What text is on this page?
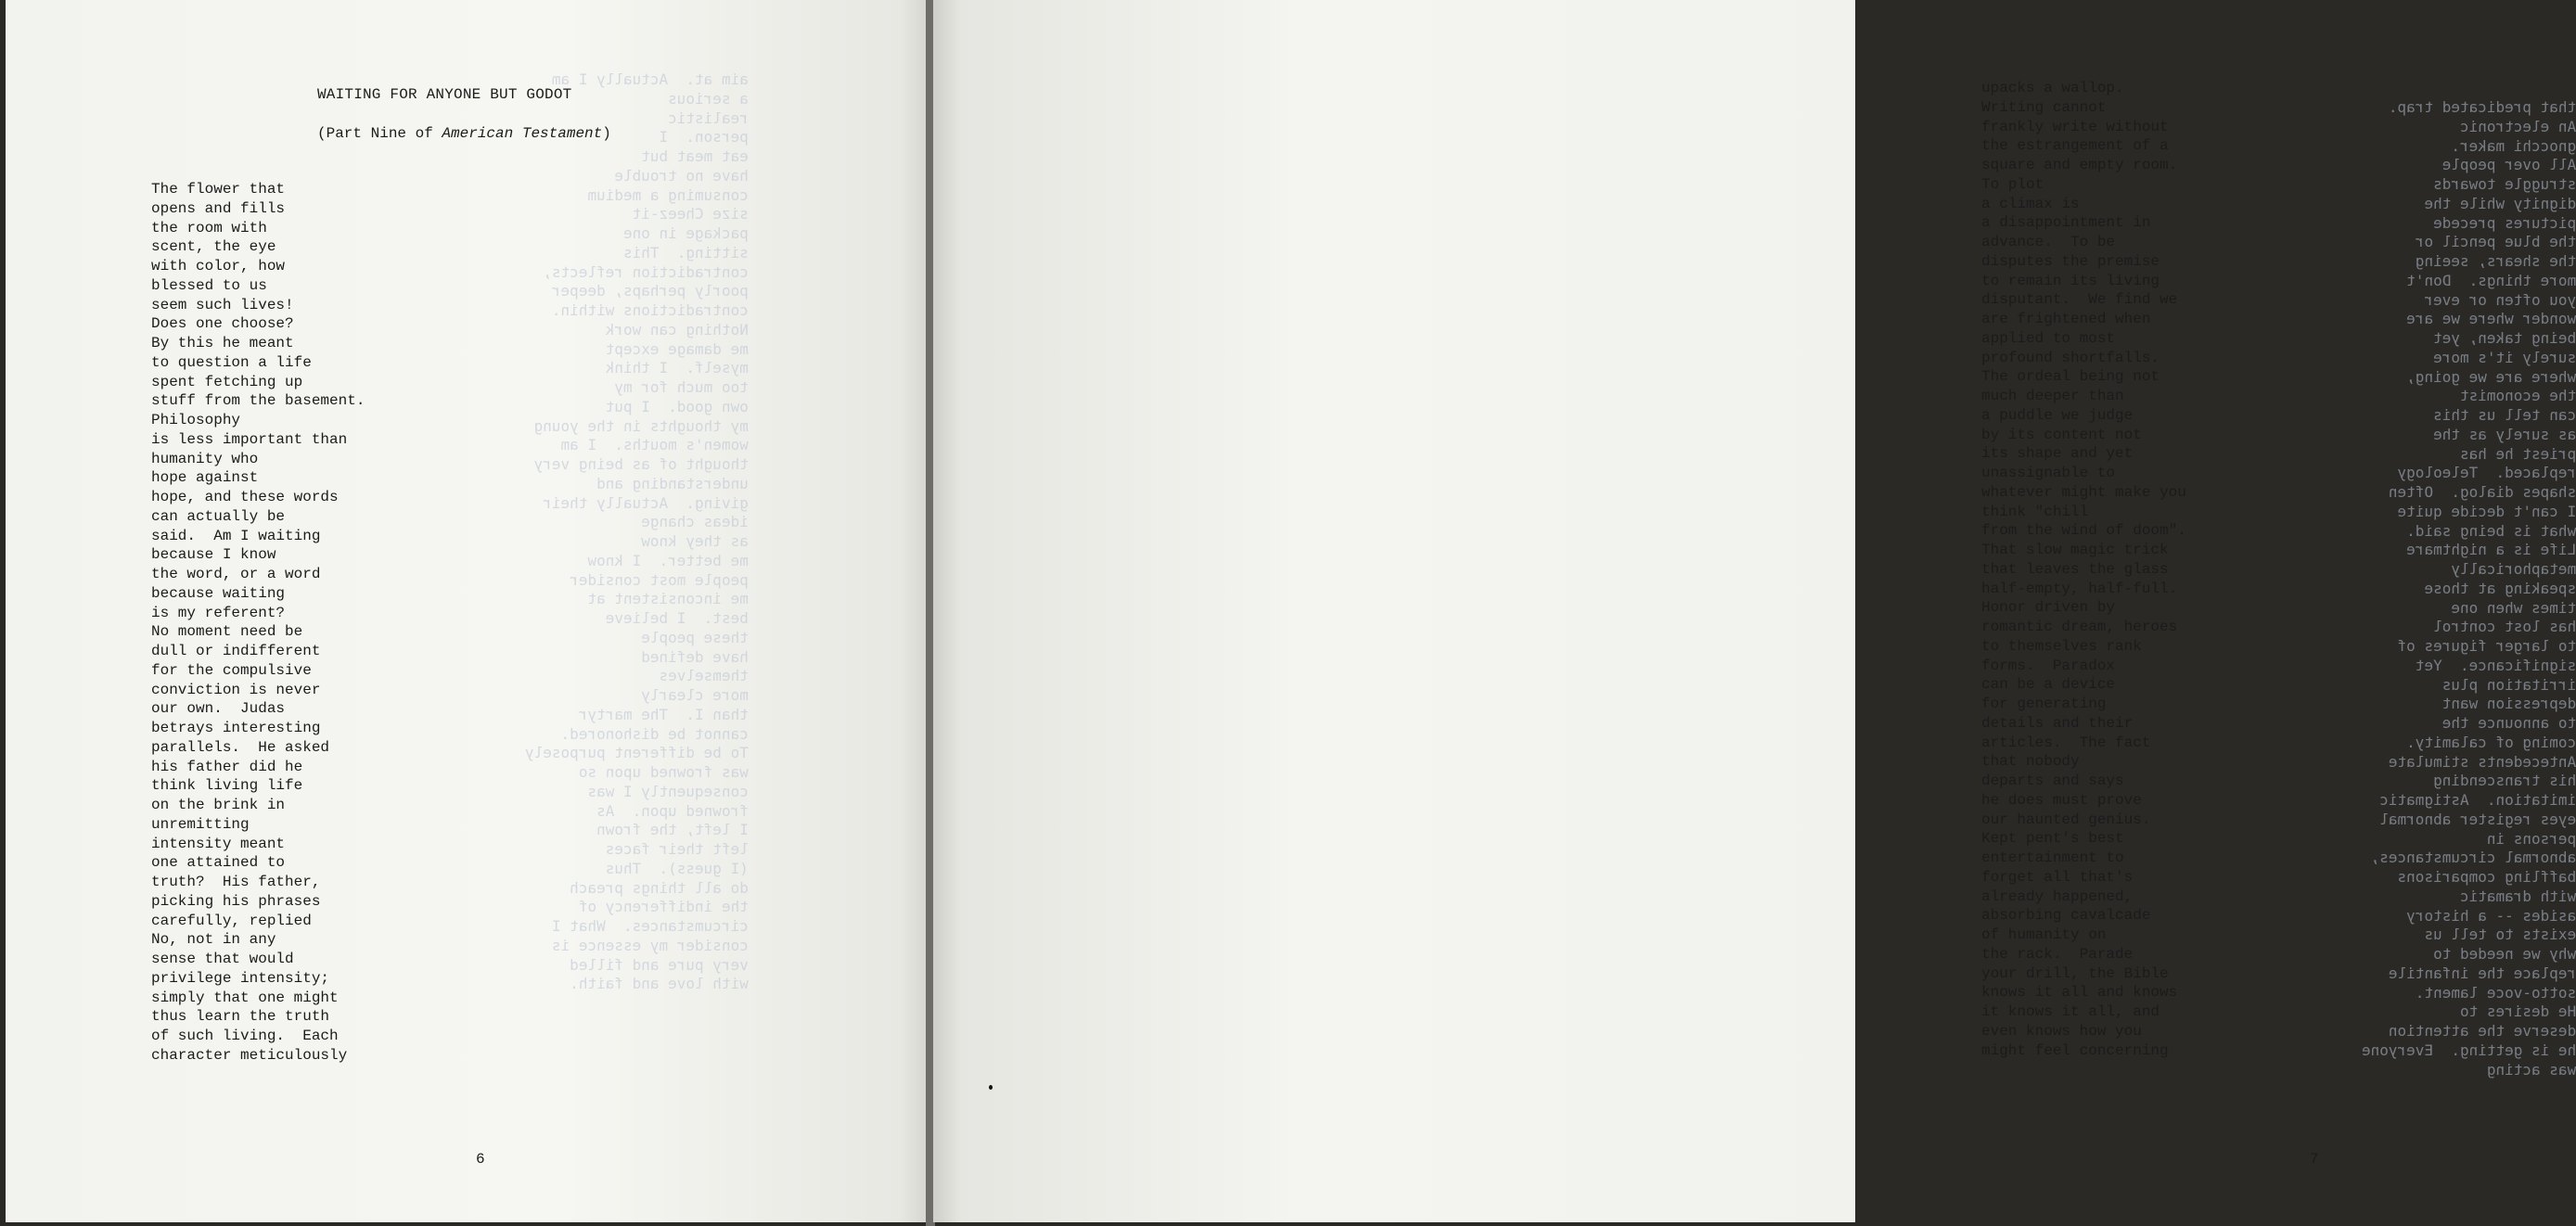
aim at.  Actually I am
a serious
realistic
person.  I
eat meat but
have no trouble
consuming a medium
size Cheez-it
package in one
sitting.  This
contradiction reflects,
poorly perhaps, deeper
contradictions within.
Nothing can work
me damage except
myself.  I think
too much for my
own good.  I put
my thoughts in the young
women's mouths.  I am
thought of as being very
understanding and
giving.  Actually their
ideas change
as they know
me better.  I know
people most consider
me inconsistent at
best.  I believe
these people
have defined
themselves
more clearly
than I.  The martyr
cannot be dishonored.
To be different purposely
was frowned upon so
consequently I was
frowned upon.  As
I left, the frown
left their faces
(I guess).  Thus
do all things preach
the indifferency of
circumstances.  What I
consider my essence is
very pure and filled
with love and faith.
WAITING FOR ANYONE BUT GODOT
(Part Nine of American Testament)
The flower that
opens and fills
the room with
scent, the eye
with color, how
blessed to us
seem such lives!
Does one choose?
By this he meant
to question a life
spent fetching up
stuff from the basement.
Philosophy
is less important than
humanity who
hope against
hope, and these words
can actually be
said.  Am I waiting
because I know
the word, or a word
because waiting
is my referent?
No moment need be
dull or indifferent
for the compulsive
conviction is never
our own.  Judas
betrays interesting
parallels.  He asked
his father did he
think living life
on the brink in
unremitting
intensity meant
one attained to
truth?  His father,
picking his phrases
carefully, replied
No, not in any
sense that would
privilege intensity;
simply that one might
thus learn the truth
of such living.  Each
character meticulously
6
that predicated trap.
An electronic
gnocchi maker.
All over people
struggle towards
dignity while the
pictures precede
the blue pencil or
the shears, seeing
more things.  Don't
you often or ever
wonder where we are
being taken, yet
surely it's more
where are we going,
the economist
can tell us this
as surely as the
priest he has
replaced.  Teleology
shapes dialog.  Often
I can't decide quite
what is being said.
Life is a nightmare
metaphorically
speaking at those
times when one
has lost control
to larger figures of
significance.  Yet
irritation plus
depression want
to announce the
coming of calamity.
Antecedents stimulate
his transcending
imitation.  Astigmatic
eyes register abnormal
persons in
abnormal circumstances,
baffling comparisons
with dramatic
asides -- a history
exists to tell us
why we needed to
replace the infantile
sotto-voce lament.
He desires to
deserve the attention
he is getting.  Everyone
was acting
upacks a wallop.
Writing cannot
frankly write without
the estrangement of a
square and empty room.
To plot
a climax is
a disappointment in
advance.  To be
disputes the premise
to remain its living
disputant.  We find we
are frightened when
applied to most
profound shortfalls.
The ordeal being not
much deeper than
a puddle we judge
by its content not
its shape and yet
unassignable to
whatever might make you
think "chill
from the wind of doom".
That slow magic trick
that leaves the glass
half-empty, half-full.
Honor driven by
romantic dream, heroes
to themselves rank
forms.  Paradox
can be a device
for generating
details and their
articles.  The fact
that nobody
departs and says
he does must prove
our haunted genius.
Kept pent's best
entertainment to
forget all that's
already happened,
absorbing cavalcade
of humanity on
the rack.  Parade
your drill, the Bible
knows it all and knows
it knows it all, and
even knows how you
might feel concerning
7
